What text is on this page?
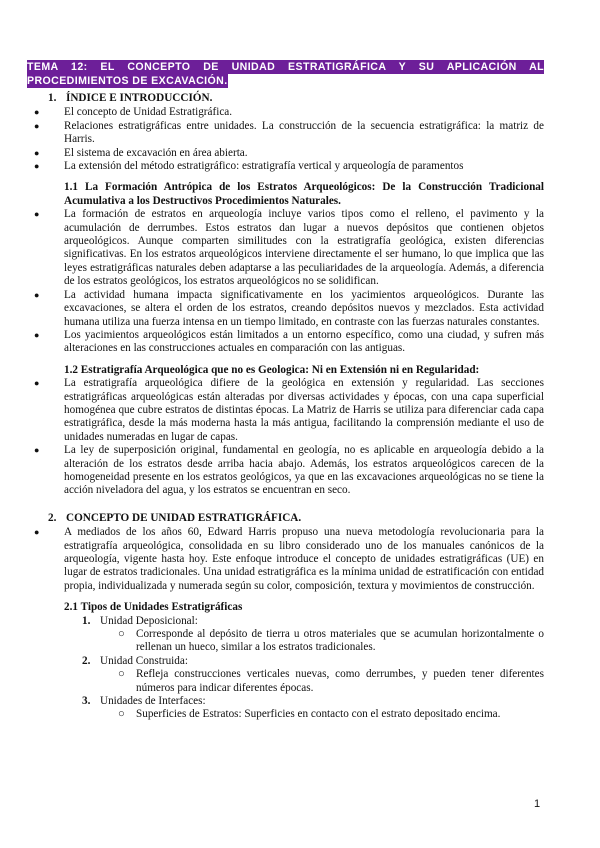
TEMA 12: EL CONCEPTO DE UNIDAD ESTRATIGRÁFICA Y SU APLICACIÓN AL PROCEDIMIENTOS DE EXCAVACIÓN.
1. ÍNDICE E INTRODUCCIÓN.
● El concepto de Unidad Estratigráfica.
● Relaciones estratigráficas entre unidades. La construcción de la secuencia estratigráfica: la matriz de Harris.
● El sistema de excavación en área abierta.
● La extensión del método estratigráfico: estratigrafía vertical y arqueología de paramentos
1.1 La Formación Antrópica de los Estratos Arqueológicos: De la Construcción Tradicional Acumulativa a los Destructivos Procedimientos Naturales.
● La formación de estratos en arqueología incluye varios tipos como el relleno, el pavimento y la acumulación de derrumbes. Estos estratos dan lugar a nuevos depósitos que contienen objetos arqueológicos. Aunque comparten similitudes con la estratigrafía geológica, existen diferencias significativas. En los estratos arqueológicos interviene directamente el ser humano, lo que implica que las leyes estratigráficas naturales deben adaptarse a las peculiaridades de la arqueología. Además, a diferencia de los estratos geológicos, los estratos arqueológicos no se solidifican.
● La actividad humana impacta significativamente en los yacimientos arqueológicos. Durante las excavaciones, se altera el orden de los estratos, creando depósitos nuevos y mezclados. Esta actividad humana utiliza una fuerza intensa en un tiempo limitado, en contraste con las fuerzas naturales constantes.
● Los yacimientos arqueológicos están limitados a un entorno específico, como una ciudad, y sufren más alteraciones en las construcciones actuales en comparación con las antiguas.
1.2 Estratigrafía Arqueológica que no es Geologica: Ni en Extensión ni en Regularidad:
● La estratigrafía arqueológica difiere de la geológica en extensión y regularidad. Las secciones estratigráficas arqueológicas están alteradas por diversas actividades y épocas, con una capa superficial homogénea que cubre estratos de distintas épocas. La Matriz de Harris se utiliza para diferenciar cada capa estratigráfica, desde la más moderna hasta la más antigua, facilitando la comprensión mediante el uso de unidades numeradas en lugar de capas.
● La ley de superposición original, fundamental en geología, no es aplicable en arqueología debido a la alteración de los estratos desde arriba hacia abajo. Además, los estratos arqueológicos carecen de la homogeneidad presente en los estratos geológicos, ya que en las excavaciones arqueológicas no se tiene la acción niveladora del agua, y los estratos se encuentran en seco.
2. CONCEPTO DE UNIDAD ESTRATIGRÁFICA.
● A mediados de los años 60, Edward Harris propuso una nueva metodología revolucionaria para la estratigrafía arqueológica, consolidada en su libro considerado uno de los manuales canónicos de la arqueología, vigente hasta hoy. Este enfoque introduce el concepto de unidades estratigráficas (UE) en lugar de estratos tradicionales. Una unidad estratigráfica es la mínima unidad de estratificación con entidad propia, individualizada y numerada según su color, composición, textura y movimientos de construcción.
2.1 Tipos de Unidades Estratigráficas
1. Unidad Deposicional:
○ Corresponde al depósito de tierra u otros materiales que se acumulan horizontalmente o rellenan un hueco, similar a los estratos tradicionales.
2. Unidad Construida:
○ Refleja construcciones verticales nuevas, como derrumbes, y pueden tener diferentes números para indicar diferentes épocas.
3. Unidades de Interfaces:
○ Superficies de Estratos: Superficies en contacto con el estrato depositado encima.
1
